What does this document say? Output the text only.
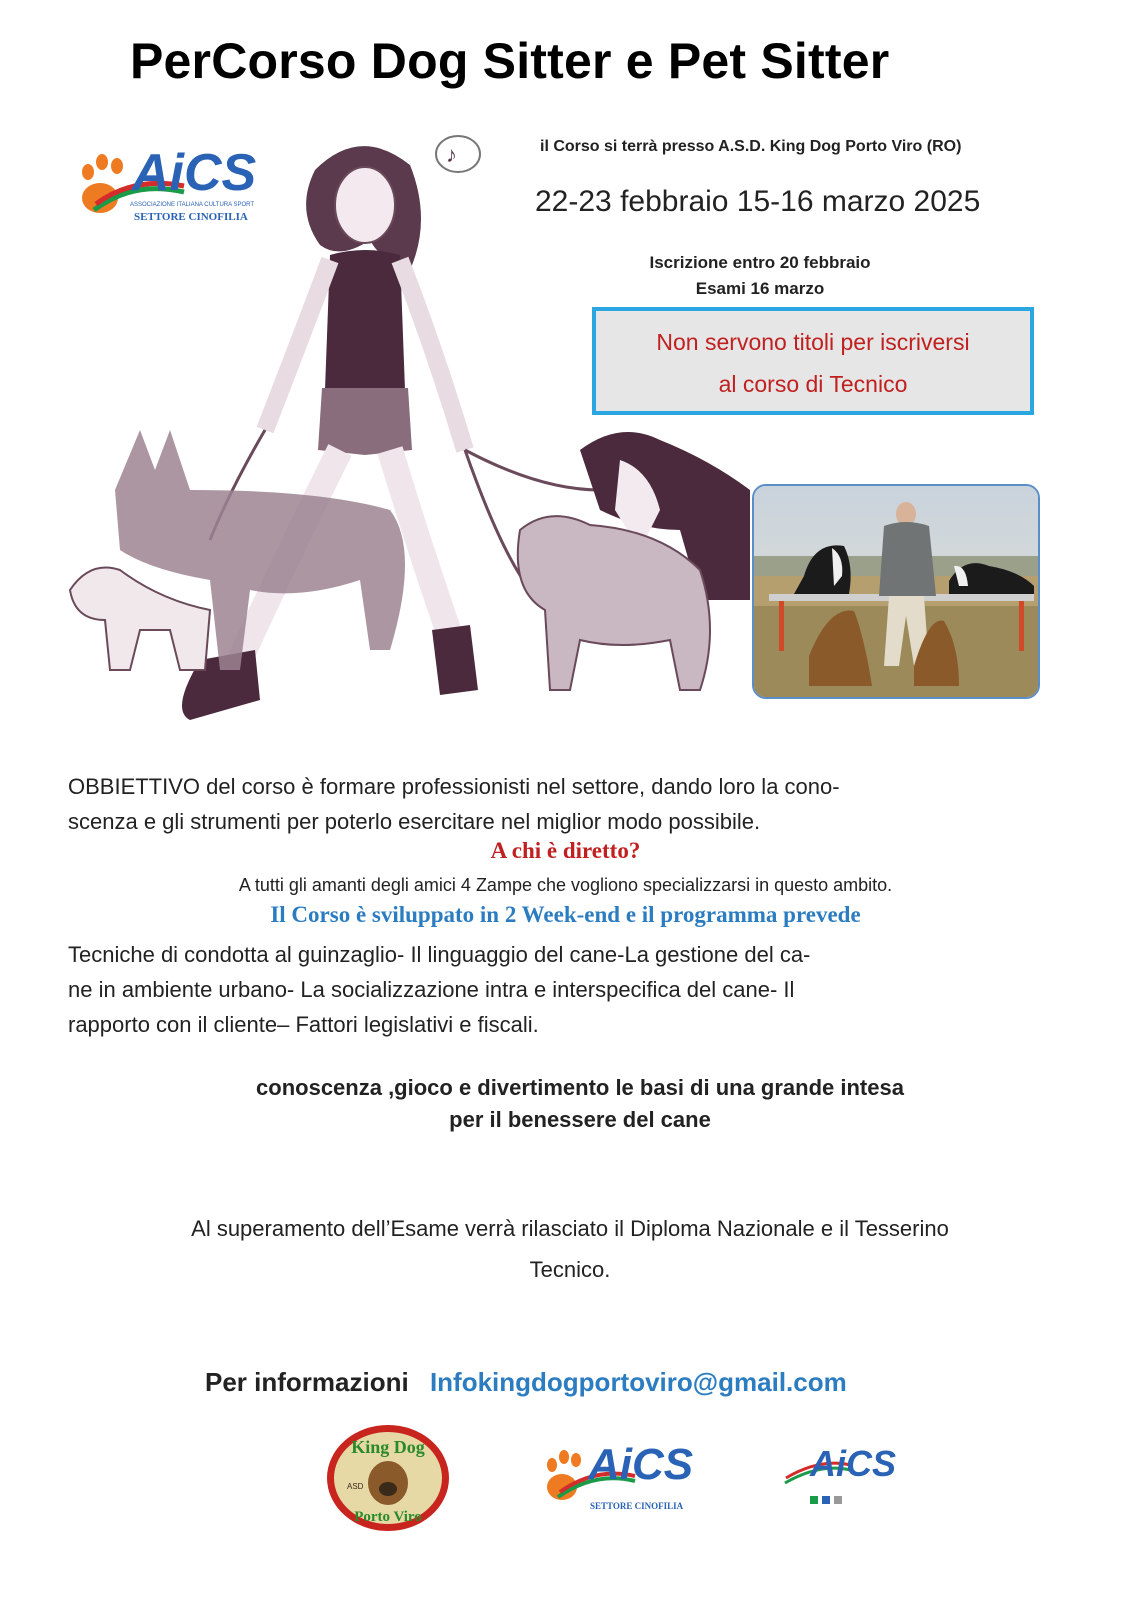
PerCorso Dog Sitter e Pet Sitter
AiCS
ASSOCIAZIONE ITALIANA CULTURA SPORT
SETTORE CINOFILIA
♪	il Corso si terrà presso A.S.D. King Dog Porto Viro (RO)
22-23 febbraio 15-16 marzo 2025
Iscrizione entro 20 febbraio
Esami 16 marzo
Non servono titoli per iscriversi
al corso di Tecnico
OBBIETTIVO del corso è formare professionisti nel settore, dando loro la cono-
scenza e gli strumenti per poterlo esercitare nel miglior modo possibile.
A chi è diretto?
A tutti gli amanti degli amici 4 Zampe che vogliono specializzarsi in questo ambito.
Il Corso è sviluppato in 2 Week-end e il programma prevede
Tecniche di condotta al guinzaglio- Il linguaggio del cane-La gestione del ca-
ne in ambiente urbano- La socializzazione intra e interspecifica del cane- Il
rapporto con il cliente– Fattori legislativi e fiscali.
conoscenza ,gioco e divertimento le basi di una grande intesa
per il benessere del cane
Al superamento dell’Esame verrà rilasciato il Diploma Nazionale e il Tesserino
Tecnico.
Per informazioni Infokingdogportoviro@gmail.com
King Dog
Porto Viro
ASD	AiCS
SETTORE CINOFILIA
AiCS
